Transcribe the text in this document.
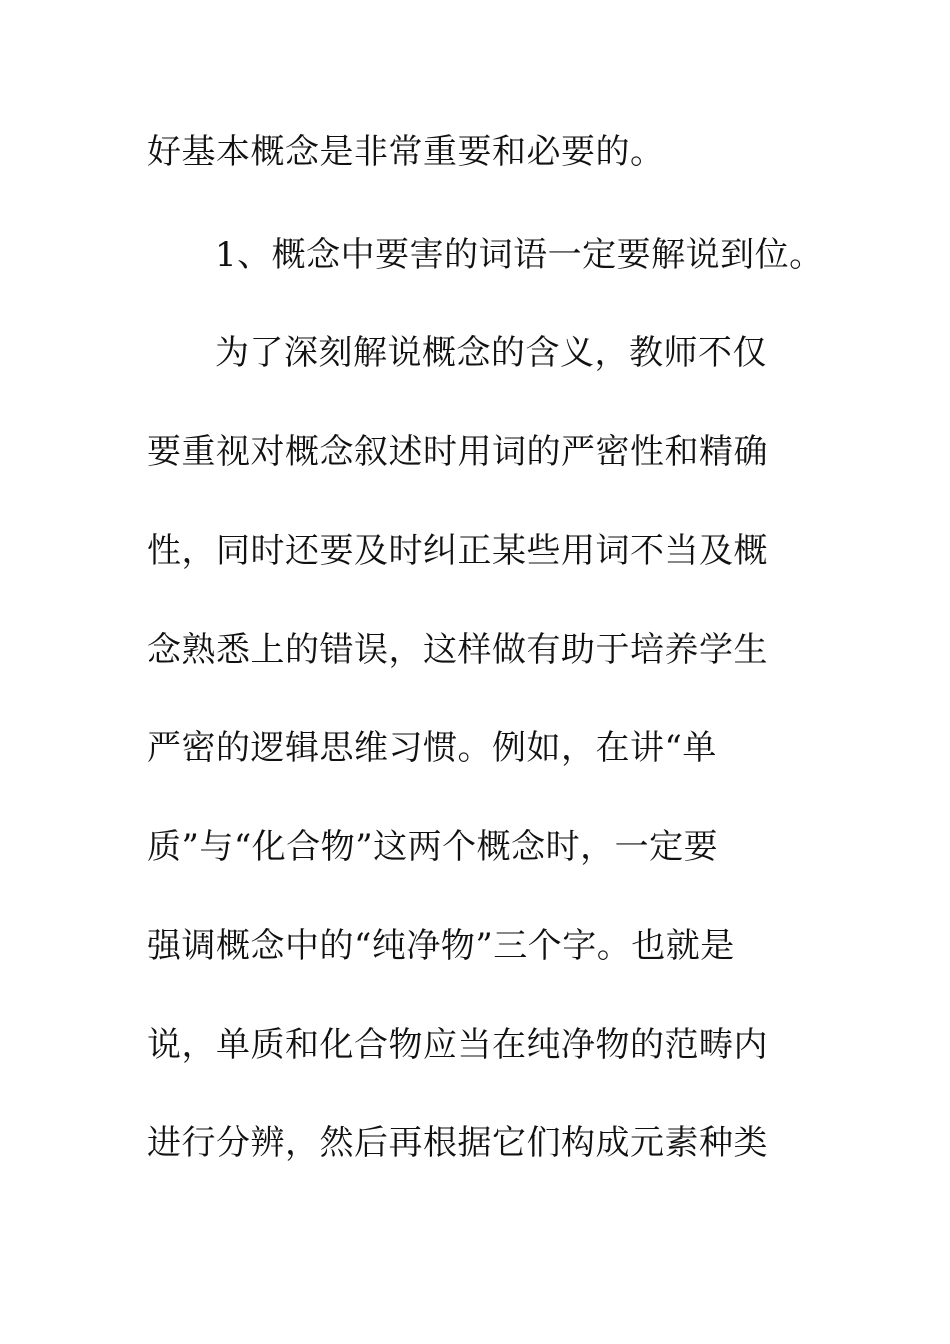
好基本概念是非常重要和必要的。
1、概念中要害的词语一定要解说到位。
为了深刻解说概念的含义，教师不仅
要重视对概念叙述时用词的严密性和精确
性，同时还要及时纠正某些用词不当及概
念熟悉上的错误，这样做有助于培养学生
严密的逻辑思维习惯。例如，在讲“单
质”与“化合物”这两个概念时，一定要
强调概念中的“纯净物”三个字。也就是
说，单质和化合物应当在纯净物的范畴内
进行分辨，然后再根据它们构成元素种类
